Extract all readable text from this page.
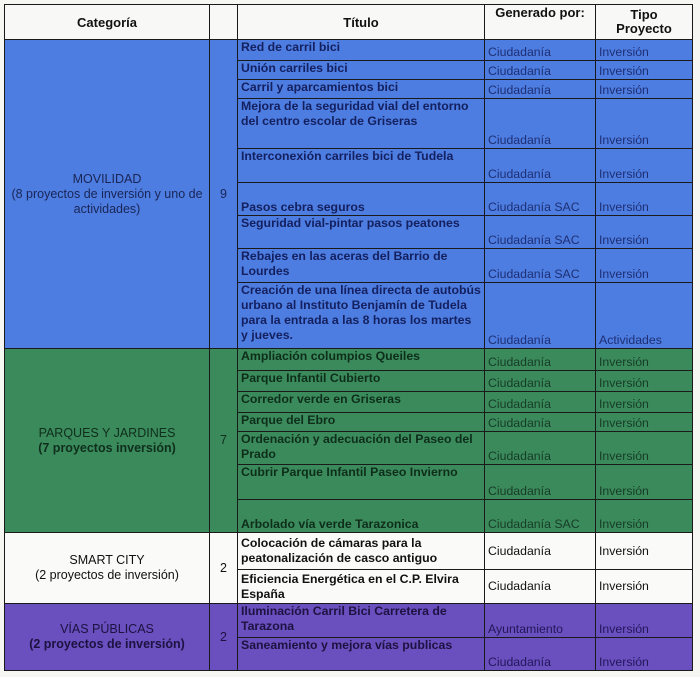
Categoría		Título	Generado por:	Tipo
Proyecto
MOVILIDAD
(8 proyectos de inversión y uno de actividades)	9	Red de carril bici	Ciudadanía	Inversión
		Unión carriles bici	Ciudadanía	Inversión
		Carril y aparcamientos bici	Ciudadanía	Inversión
		Mejora de la seguridad vial del entorno del centro escolar de Griseras	Ciudadanía	Inversión
		Interconexión carriles bici de Tudela	Ciudadanía	Inversión
		Pasos cebra seguros	Ciudadanía SAC	Inversión
		Seguridad vial-pintar pasos peatones	Ciudadanía SAC	Inversión
		Rebajes en las aceras del Barrio de Lourdes	Ciudadanía SAC	Inversión
		Creación de una línea directa de autobús urbano al Instituto Benjamín de Tudela para la entrada a las 8 horas los martes y jueves.	Ciudadanía	Actividades
PARQUES Y JARDINES
(7 proyectos inversión)	7	Ampliación columpios Queiles	Ciudadanía	Inversión
		Parque Infantil Cubierto	Ciudadanía	Inversión
		Corredor verde en Griseras	Ciudadanía	Inversión
		Parque del Ebro	Ciudadanía	Inversión
		Ordenación y adecuación del Paseo del Prado	Ciudadanía	Inversión
		Cubrir Parque Infantil Paseo Invierno	Ciudadanía	Inversión
		Arbolado vía verde Tarazonica	Ciudadanía SAC	Inversión
SMART CITY
(2 proyectos de inversión)	2	Colocación de cámaras para la peatonalización de casco antiguo	Ciudadanía	Inversión
		Eficiencia Energética en el C.P. Elvira España	Ciudadanía	Inversión
VÍAS PÚBLICAS
(2 proyectos de inversión)	2	Iluminación Carril Bici Carretera de Tarazona	Ayuntamiento	Inversión
		Saneamiento y mejora vías publicas	Ciudadanía	Inversión
